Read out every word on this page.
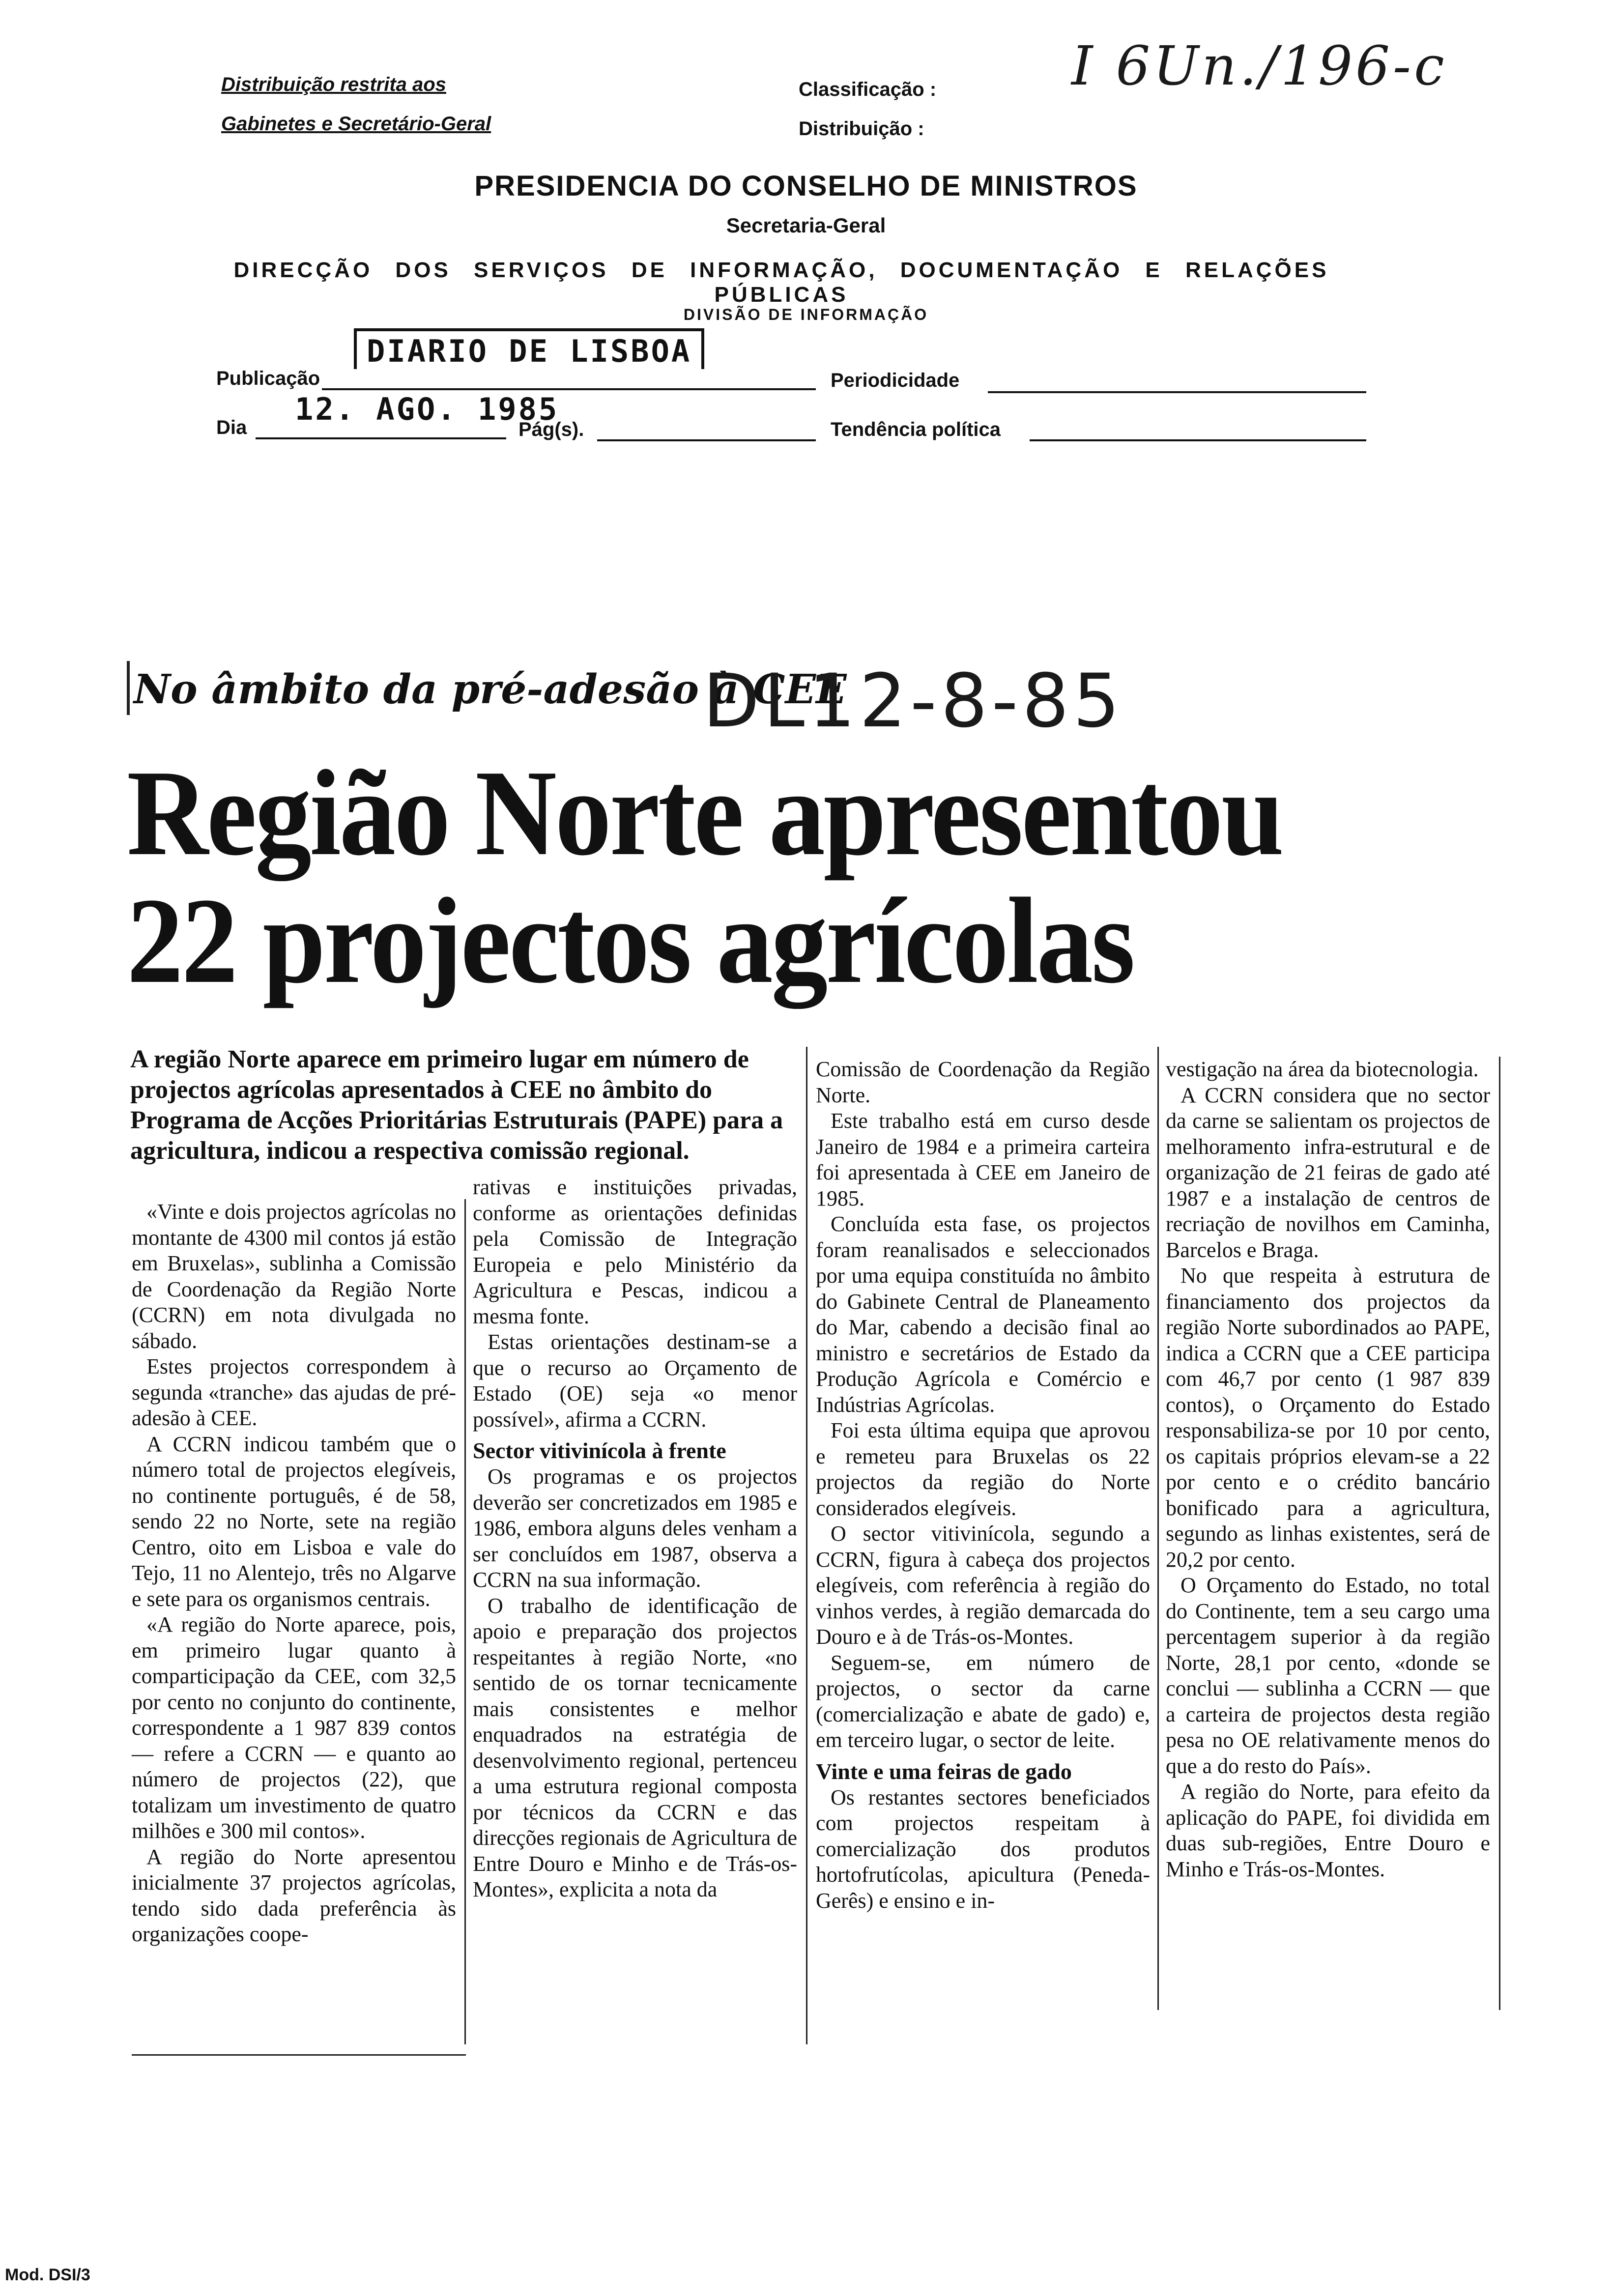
Distribuição restrita aos
Gabinetes e Secretário-Geral
Classificação :
Distribuição :
I 6Un./196-c
PRESIDENCIA DO CONSELHO DE MINISTROS
Secretaria-Geral
DIRECÇÃO DOS SERVIÇOS DE INFORMAÇÃO, DOCUMENTAÇÃO E RELAÇÕES PÚBLICAS
DIVISÃO DE INFORMAÇÃO
Publicação
DIARIO DE LISBOA
Periodicidade
Dia
12. AGO. 1985
Pág(s).	Tendência política
No âmbito da pré-adesão à CEE
DL12-8-85
Região Norte apresentou
22 projectos agrícolas
A região Norte aparece em primeiro lugar em número de projectos agrícolas apresentados à CEE no âmbito do Programa de Acções Prioritárias Estruturais (PAPE) para a agricultura, indicou a respectiva comissão regional.

«Vinte e dois projectos agrícolas no montante de 4300 mil contos já estão em Bruxelas», sublinha a Comissão de Coordenação da Região Norte (CCRN) em nota divulgada no sábado.

Estes projectos correspondem à segunda «tranche» das ajudas de pré-adesão à CEE.

A CCRN indicou também que o número total de projectos elegíveis, no continente português, é de 58, sendo 22 no Norte, sete na região Centro, oito em Lisboa e vale do Tejo, 11 no Alentejo, três no Algarve e sete para os organismos centrais.

«A região do Norte aparece, pois, em primeiro lugar quanto à comparticipação da CEE, com 32,5 por cento no conjunto do continente, correspondente a 1 987 839 contos — refere a CCRN — e quanto ao número de projectos (22), que totalizam um investimento de quatro milhões e 300 mil contos».

A região do Norte apresentou inicialmente 37 projectos agrícolas, tendo sido dada preferência às organizações coope-

rativas e instituições privadas, conforme as orientações definidas pela Comissão de Integração Europeia e pelo Ministério da Agricultura e Pescas, indicou a mesma fonte.

Estas orientações destinam-se a que o recurso ao Orçamento de Estado (OE) seja «o menor possível», afirma a CCRN.

Sector vitivinícola à frente

Os programas e os projectos deverão ser concretizados em 1985 e 1986, embora alguns deles venham a ser concluídos em 1987, observa a CCRN na sua informação.

O trabalho de identificação de apoio e preparação dos projectos respeitantes à região Norte, «no sentido de os tornar tecnicamente mais consistentes e melhor enquadrados na estratégia de desenvolvimento regional, pertenceu a uma estrutura regional composta por técnicos da CCRN e das direcções regionais de Agricultura de Entre Douro e Minho e de Trás-os-Montes», explicita a nota da

Comissão de Coordenação da Região Norte.

Este trabalho está em curso desde Janeiro de 1984 e a primeira carteira foi apresentada à CEE em Janeiro de 1985.

Concluída esta fase, os projectos foram reanalisados e seleccionados por uma equipa constituída no âmbito do Gabinete Central de Planeamento do Mar, cabendo a decisão final ao ministro e secretários de Estado da Produção Agrícola e Comércio e Indústrias Agrícolas.

Foi esta última equipa que aprovou e remeteu para Bruxelas os 22 projectos da região do Norte considerados elegíveis.

O sector vitivinícola, segundo a CCRN, figura à cabeça dos projectos elegíveis, com referência à região do vinhos verdes, à região demarcada do Douro e à de Trás-os-Montes.

Seguem-se, em número de projectos, o sector da carne (comercialização e abate de gado) e, em terceiro lugar, o sector de leite.

Vinte e uma feiras de gado

Os restantes sectores beneficiados com projectos respeitam à comercialização dos produtos hortofrutícolas, apicultura (Peneda-Gerês) e ensino e in-

vestigação na área da biotecnologia.

A CCRN considera que no sector da carne se salientam os projectos de melhoramento infra-estrutural e de organização de 21 feiras de gado até 1987 e a instalação de centros de recriação de novilhos em Caminha, Barcelos e Braga.

No que respeita à estrutura de financiamento dos projectos da região Norte subordinados ao PAPE, indica a CCRN que a CEE participa com 46,7 por cento (1 987 839 contos), o Orçamento do Estado responsabiliza-se por 10 por cento, os capitais próprios elevam-se a 22 por cento e o crédito bancário bonificado para a agricultura, segundo as linhas existentes, será de 20,2 por cento.

O Orçamento do Estado, no total do Continente, tem a seu cargo uma percentagem superior à da região Norte, 28,1 por cento, «donde se conclui — sublinha a CCRN — que a carteira de projectos desta região pesa no OE relativamente menos do que a do resto do País».

A região do Norte, para efeito da aplicação do PAPE, foi dividida em duas sub-regiões, Entre Douro e Minho e Trás-os-Montes.

Mod. DSI/3
